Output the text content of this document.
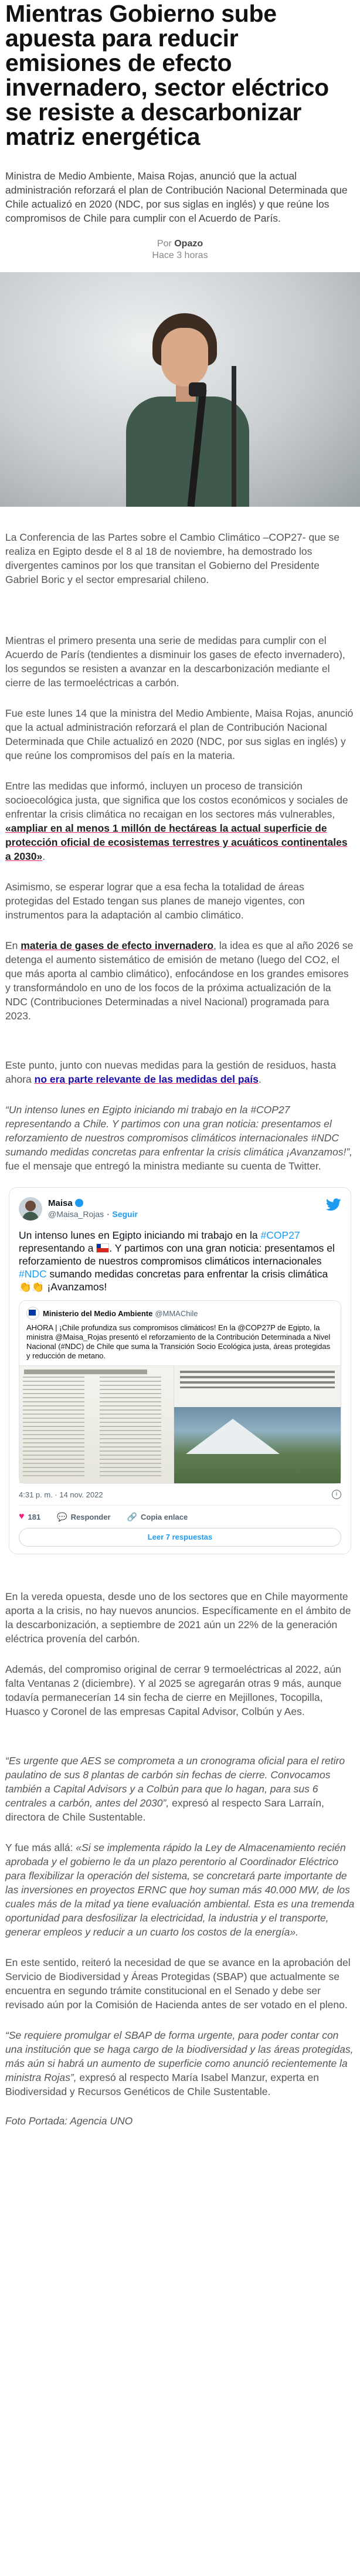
Mientras Gobierno sube apuesta para reducir emisiones de efecto invernadero, sector eléctrico se resiste a descarbonizar matriz energética

Ministra de Medio Ambiente, Maisa Rojas, anunció que la actual administración reforzará el plan de Contribución Nacional Determinada que Chile actualizó en 2020 (NDC, por sus siglas en inglés) y que reúne los compromisos de Chile para cumplir con el Acuerdo de París.

Por Opazo
Hace 3 horas

La Conferencia de las Partes sobre el Cambio Climático –COP27- que se realiza en Egipto desde el 8 al 18 de noviembre, ha demostrado los divergentes caminos por los que transitan el Gobierno del Presidente Gabriel Boric y el sector empresarial chileno.

Mientras el primero presenta una serie de medidas para cumplir con el Acuerdo de París (tendientes a disminuir los gases de efecto invernadero), los segundos se resisten a avanzar en la descarbonización mediante el cierre de las termoeléctricas a carbón.

Fue este lunes 14 que la ministra del Medio Ambiente, Maisa Rojas, anunció que la actual administración reforzará el plan de Contribución Nacional Determinada que Chile actualizó en 2020 (NDC, por sus siglas en inglés) y que reúne los compromisos del país en la materia.

Entre las medidas que informó, incluyen un proceso de transición socioecológica justa, que significa que los costos económicos y sociales de enfrentar la crisis climática no recaigan en los sectores más vulnerables, «ampliar en al menos 1 millón de hectáreas la actual superficie de protección oficial de ecosistemas terrestres y acuáticos continentales a 2030».

Asimismo, se esperar lograr que a esa fecha la totalidad de áreas protegidas del Estado tengan sus planes de manejo vigentes, con instrumentos para la adaptación al cambio climático.

En materia de gases de efecto invernadero, la idea es que al año 2026 se detenga el aumento sistemático de emisión de metano (luego del CO2, el que más aporta al cambio climático), enfocándose en los grandes emisores y transformándolo en uno de los focos de la próxima actualización de la NDC (Contribuciones Determinadas a nivel Nacional) programada para 2023.

Este punto, junto con nuevas medidas para la gestión de residuos, hasta ahora no era parte relevante de las medidas del país.

“Un intenso lunes en Egipto iniciando mi trabajo en la #COP27 representando a Chile. Y partimos con una gran noticia: presentamos el reforzamiento de nuestros compromisos climáticos internacionales #NDC sumando medidas concretas para enfrentar la crisis climática ¡Avanzamos!”, fue el mensaje que entregó la ministra mediante su cuenta de Twitter.

Maisa
@Maisa_Rojas · Seguir
Un intenso lunes en Egipto iniciando mi trabajo en la #COP27 representando a . Y partimos con una gran noticia: presentamos el reforzamiento de nuestros compromisos climáticos internacionales #NDC sumando medidas concretas para enfrentar la crisis climática 👏👏 ¡Avanzamos!
Ministerio del Medio Ambiente @MMAChile
AHORA | ¡Chile profundiza sus compromisos climáticos! En la @COP27P de Egipto, la ministra @Maisa_Rojas presentó el reforzamiento de la Contribución Determinada a Nivel Nacional (#NDC) de Chile que suma la Transición Socio Ecológica justa, áreas protegidas y reducción de metano.
4:31 p. m. · 14 nov. 2022	i
♥ 181 💬 Responder 🔗 Copia enlace
Leer 7 respuestas

En la vereda opuesta, desde uno de los sectores que en Chile mayormente aporta a la crisis, no hay nuevos anuncios. Específicamente en el ámbito de la descarbonización, a septiembre de 2021 aún un 22% de la generación eléctrica provenía del carbón.

Además, del compromiso original de cerrar 9 termoeléctricas al 2022, aún falta Ventanas 2 (diciembre). Y al 2025 se agregarán otras 9 más, aunque todavía permanecerían 14 sin fecha de cierre en Mejillones, Tocopilla, Huasco y Coronel de las empresas Capital Advisor, Colbún y Aes.

“Es urgente que AES se comprometa a un cronograma oficial para el retiro paulatino de sus 8 plantas de carbón sin fechas de cierre. Convocamos también a Capital Advisors y a Colbún para que lo hagan, para sus 6 centrales a carbón, antes del 2030”, expresó al respecto Sara Larraín, directora de Chile Sustentable.

Y fue más allá: «Si se implementa rápido la Ley de Almacenamiento recién aprobada y el gobierno le da un plazo perentorio al Coordinador Eléctrico para flexibilizar la operación del sistema, se concretará parte importante de las inversiones en proyectos ERNC que hoy suman más 40.000 MW, de los cuales más de la mitad ya tiene evaluación ambiental. Esta es una tremenda oportunidad para desfosilizar la electricidad, la industria y el transporte, generar empleos y reducir a un cuarto los costos de la energía».

En este sentido, reiteró la necesidad de que se avance en la aprobación del Servicio de Biodiversidad y Áreas Protegidas (SBAP) que actualmente se encuentra en segundo trámite constitucional en el Senado y debe ser revisado aún por la Comisión de Hacienda antes de ser votado en el pleno.

“Se requiere promulgar el SBAP de forma urgente, para poder contar con una institución que se haga cargo de la biodiversidad y las áreas protegidas, más aún si habrá un aumento de superficie como anunció recientemente la ministra Rojas”, expresó al respecto María Isabel Manzur, experta en Biodiversidad y Recursos Genéticos de Chile Sustentable.

Foto Portada: Agencia UNO
